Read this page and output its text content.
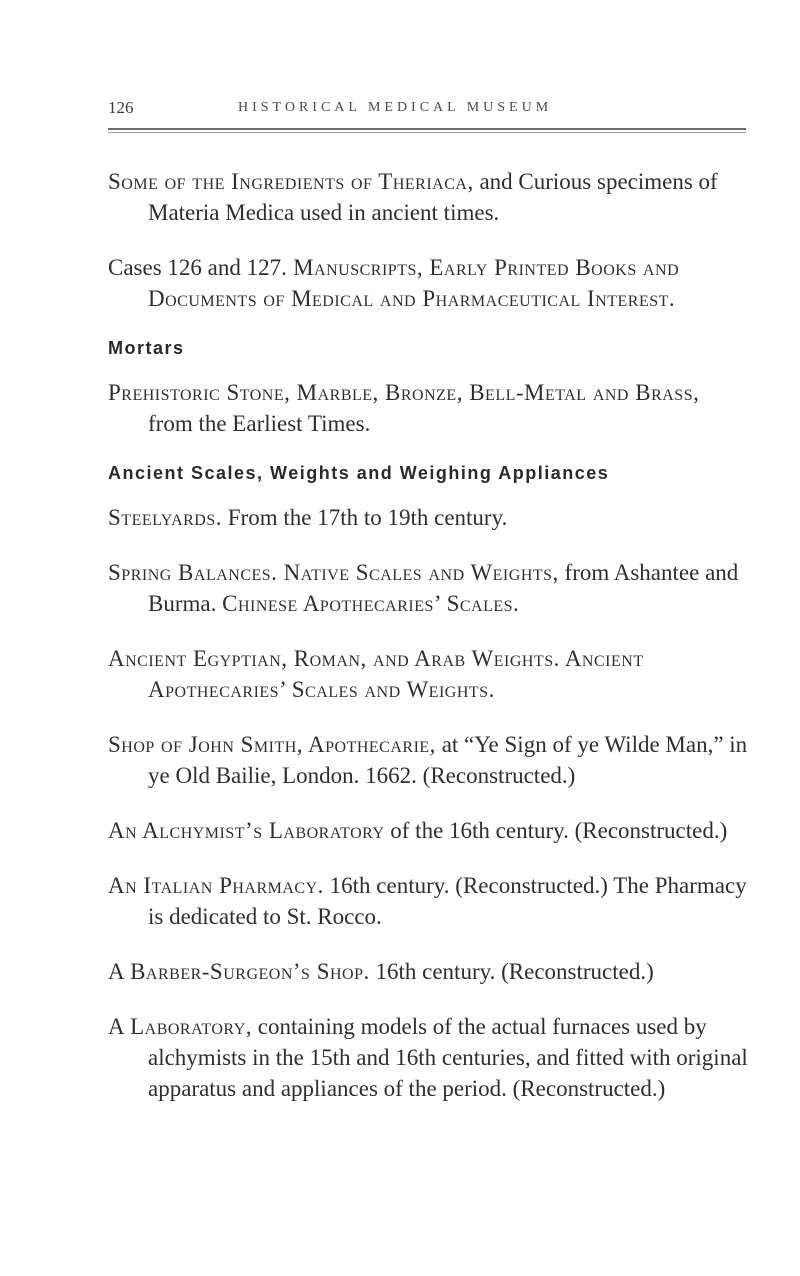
126	HISTORICAL MEDICAL MUSEUM

Some of the Ingredients of Theriaca, and Curious specimens of Materia Medica used in ancient times.

Cases 126 and 127. Manuscripts, Early Printed Books and Documents of Medical and Pharmaceutical Interest.

Mortars

Prehistoric Stone, Marble, Bronze, Bell-Metal and Brass, from the Earliest Times.

Ancient Scales, Weights and Weighing Appliances

Steelyards. From the 17th to 19th century.

Spring Balances. Native Scales and Weights, from Ashantee and Burma. Chinese Apothecaries’ Scales.

Ancient Egyptian, Roman, and Arab Weights. Ancient Apothecaries’ Scales and Weights.

Shop of John Smith, Apothecarie, at “Ye Sign of ye Wilde Man,” in ye Old Bailie, London. 1662. (Reconstructed.)

An Alchymist’s Laboratory of the 16th century. (Reconstructed.)

An Italian Pharmacy. 16th century. (Reconstructed.) The Pharmacy is dedicated to St. Rocco.

A Barber-Surgeon’s Shop. 16th century. (Reconstructed.)

A Laboratory, containing models of the actual furnaces used by alchymists in the 15th and 16th centuries, and fitted with original apparatus and appliances of the period. (Reconstructed.)
